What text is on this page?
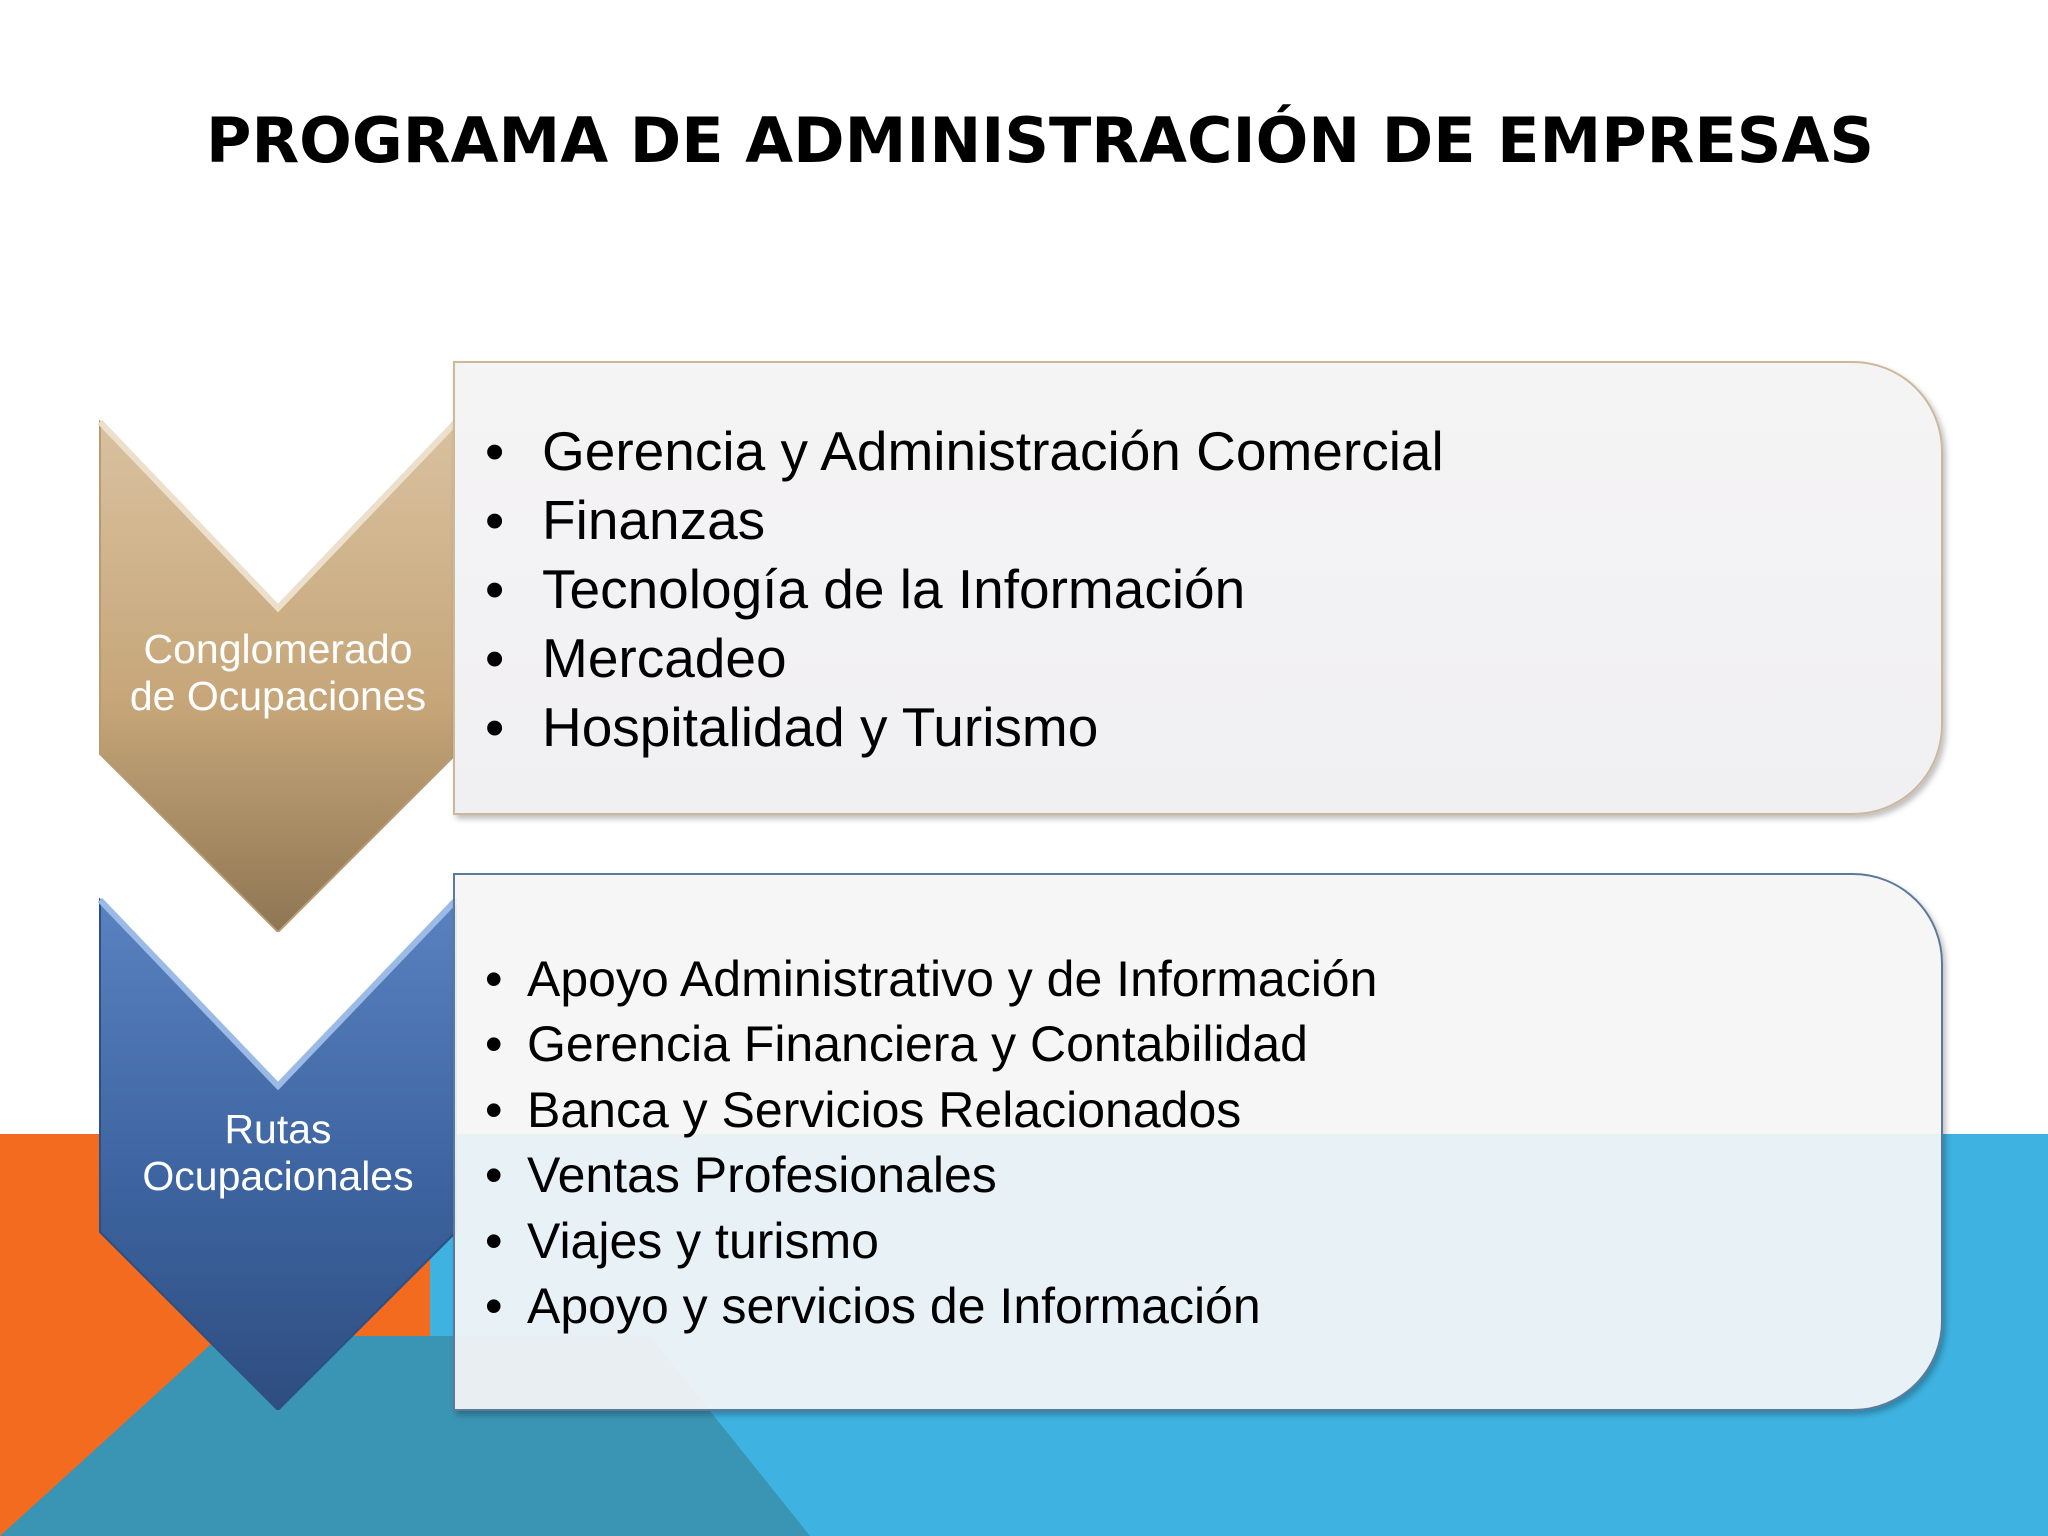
PROGRAMA DE ADMINISTRACIÓN DE EMPRESAS
Conglomerado
de Ocupaciones
Rutas
Ocupacionales
• Gerencia y Administración Comercial
• Finanzas
• Tecnología de la Información
• Mercadeo
• Hospitalidad y Turismo
• Apoyo Administrativo y de Información
• Gerencia Financiera y Contabilidad
• Banca y Servicios Relacionados
• Ventas Profesionales
• Viajes y turismo
• Apoyo y servicios de Información
